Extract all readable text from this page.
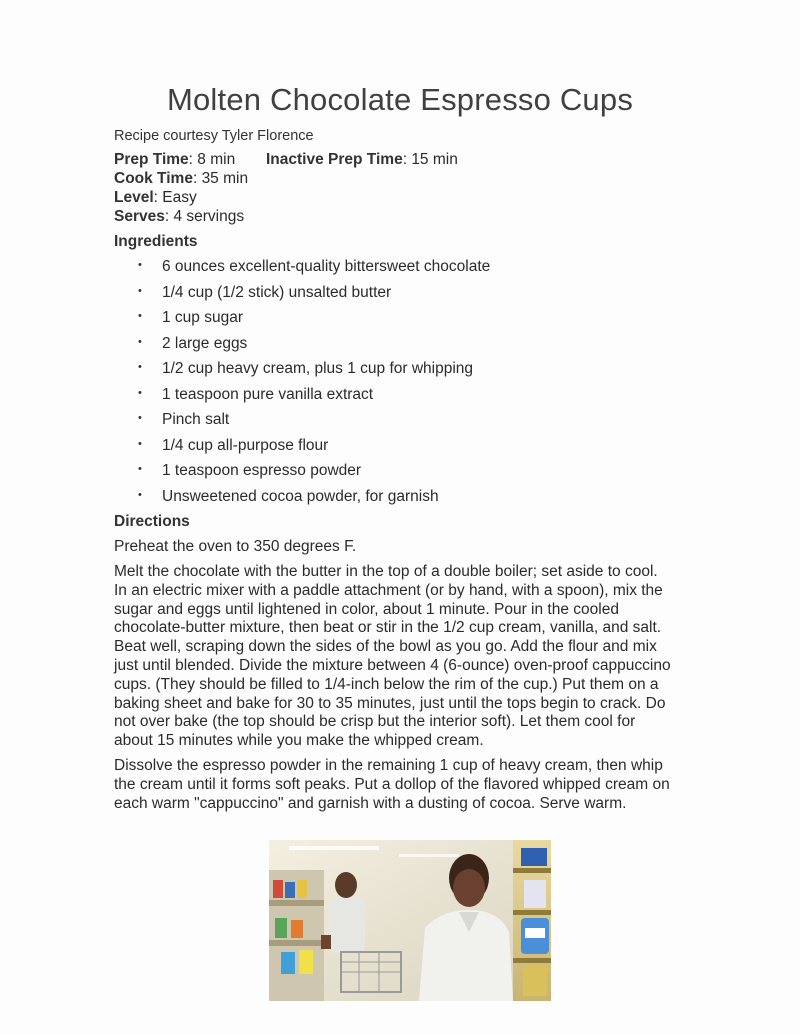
Molten Chocolate Espresso Cups
Recipe courtesy Tyler Florence
Prep Time: 8 min Inactive Prep Time: 15 min
Cook Time: 35 min
Level: Easy
Serves: 4 servings
Ingredients
• 6 ounces excellent-quality bittersweet chocolate
• 1/4 cup (1/2 stick) unsalted butter
• 1 cup sugar
• 2 large eggs
• 1/2 cup heavy cream, plus 1 cup for whipping
• 1 teaspoon pure vanilla extract
• Pinch salt
• 1/4 cup all-purpose flour
• 1 teaspoon espresso powder
• Unsweetened cocoa powder, for garnish
Directions

Preheat the oven to 350 degrees F.

Melt the chocolate with the butter in the top of a double boiler; set aside to cool.
In an electric mixer with a paddle attachment (or by hand, with a spoon), mix the
sugar and eggs until lightened in color, about 1 minute. Pour in the cooled
chocolate-butter mixture, then beat or stir in the 1/2 cup cream, vanilla, and salt.
Beat well, scraping down the sides of the bowl as you go. Add the flour and mix
just until blended. Divide the mixture between 4 (6-ounce) oven-proof cappuccino
cups. (They should be filled to 1/4-inch below the rim of the cup.) Put them on a
baking sheet and bake for 30 to 35 minutes, just until the tops begin to crack. Do
not over bake (the top should be crisp but the interior soft). Let them cool for
about 15 minutes while you make the whipped cream.

Dissolve the espresso powder in the remaining 1 cup of heavy cream, then whip
the cream until it forms soft peaks. Put a dollop of the flavored whipped cream on
each warm "cappuccino" and garnish with a dusting of cocoa. Serve warm.
